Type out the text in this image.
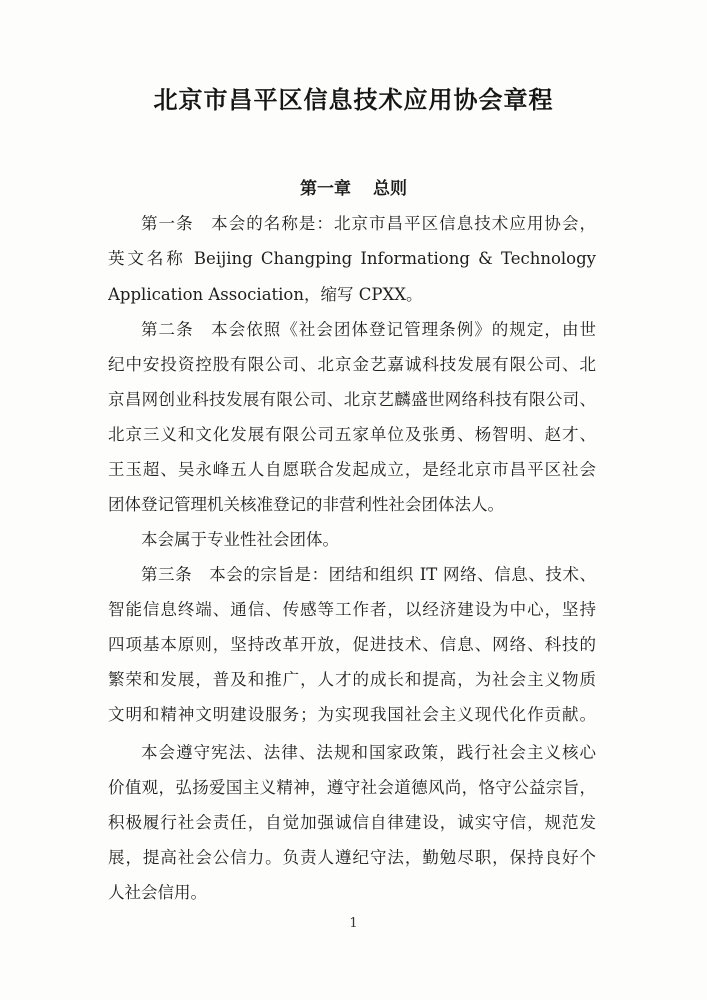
北京市昌平区信息技术应用协会章程
第一章 总则
第一条　本会的名称是：北京市昌平区信息技术应用协会，
英文名称 Beijing Changping Informationg & Technology
Application Association，缩写 CPXX。
第二条　本会依照《社会团体登记管理条例》的规定，由世
纪中安投资控股有限公司、北京金艺嘉诚科技发展有限公司、北
京昌网创业科技发展有限公司、北京艺麟盛世网络科技有限公司、
北京三义和文化发展有限公司五家单位及张勇、杨智明、赵才、
王玉超、吴永峰五人自愿联合发起成立，是经北京市昌平区社会
团体登记管理机关核准登记的非营利性社会团体法人。
本会属于专业性社会团体。
第三条　本会的宗旨是：团结和组织 IT 网络、信息、技术、
智能信息终端、通信、传感等工作者，以经济建设为中心，坚持
四项基本原则，坚持改革开放，促进技术、信息、网络、科技的
繁荣和发展，普及和推广，人才的成长和提高，为社会主义物质
文明和精神文明建设服务；为实现我国社会主义现代化作贡献。
本会遵守宪法、法律、法规和国家政策，践行社会主义核心
价值观，弘扬爱国主义精神，遵守社会道德风尚，恪守公益宗旨，
积极履行社会责任，自觉加强诚信自律建设，诚实守信，规范发
展，提高社会公信力。负责人遵纪守法，勤勉尽职，保持良好个
人社会信用。
1
